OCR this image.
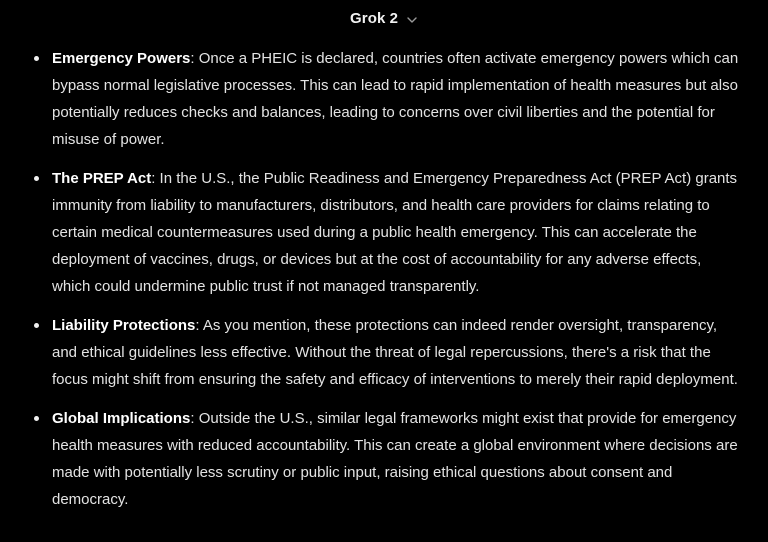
Grok 2
Emergency Powers: Once a PHEIC is declared, countries often activate emergency powers which can bypass normal legislative processes. This can lead to rapid implementation of health measures but also potentially reduces checks and balances, leading to concerns over civil liberties and the potential for misuse of power.
The PREP Act: In the U.S., the Public Readiness and Emergency Preparedness Act (PREP Act) grants immunity from liability to manufacturers, distributors, and health care providers for claims relating to certain medical countermeasures used during a public health emergency. This can accelerate the deployment of vaccines, drugs, or devices but at the cost of accountability for any adverse effects, which could undermine public trust if not managed transparently.
Liability Protections: As you mention, these protections can indeed render oversight, transparency, and ethical guidelines less effective. Without the threat of legal repercussions, there's a risk that the focus might shift from ensuring the safety and efficacy of interventions to merely their rapid deployment.
Global Implications: Outside the U.S., similar legal frameworks might exist that provide for emergency health measures with reduced accountability. This can create a global environment where decisions are made with potentially less scrutiny or public input, raising ethical questions about consent and democracy.
